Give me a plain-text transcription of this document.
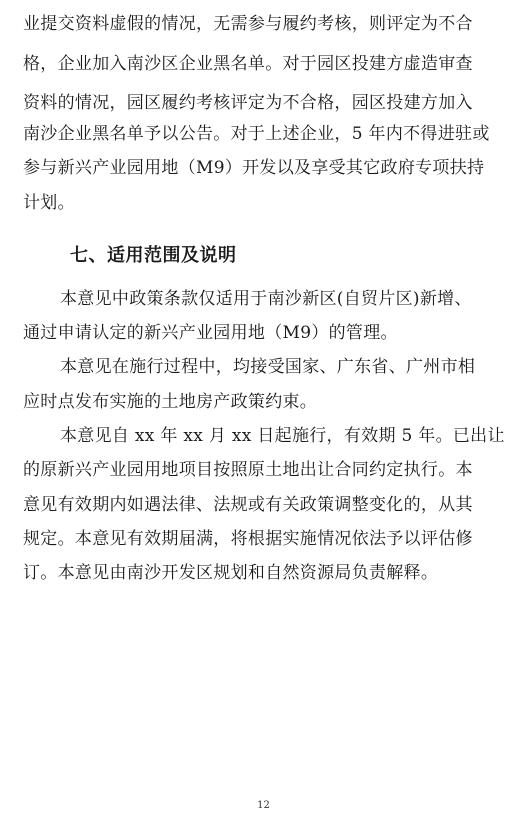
业提交资料虚假的情况，无需参与履约考核，则评定为不合
格，企业加入南沙区企业黑名单。对于园区投建方虚造审查
资料的情况，园区履约考核评定为不合格，园区投建方加入
南沙企业黑名单予以公告。对于上述企业，5 年内不得进驻或
参与新兴产业园用地（M9）开发以及享受其它政府专项扶持
计划。
七、适用范围及说明
本意见中政策条款仅适用于南沙新区(自贸片区)新增、
通过申请认定的新兴产业园用地（M9）的管理。
本意见在施行过程中，均接受国家、广东省、广州市相
应时点发布实施的土地房产政策约束。
本意见自 xx 年 xx 月 xx 日起施行，有效期 5 年。已出让
的原新兴产业园用地项目按照原土地出让合同约定执行。本
意见有效期内如遇法律、法规或有关政策调整变化的，从其
规定。本意见有效期届满，将根据实施情况依法予以评估修
订。本意见由南沙开发区规划和自然资源局负责解释。
12
